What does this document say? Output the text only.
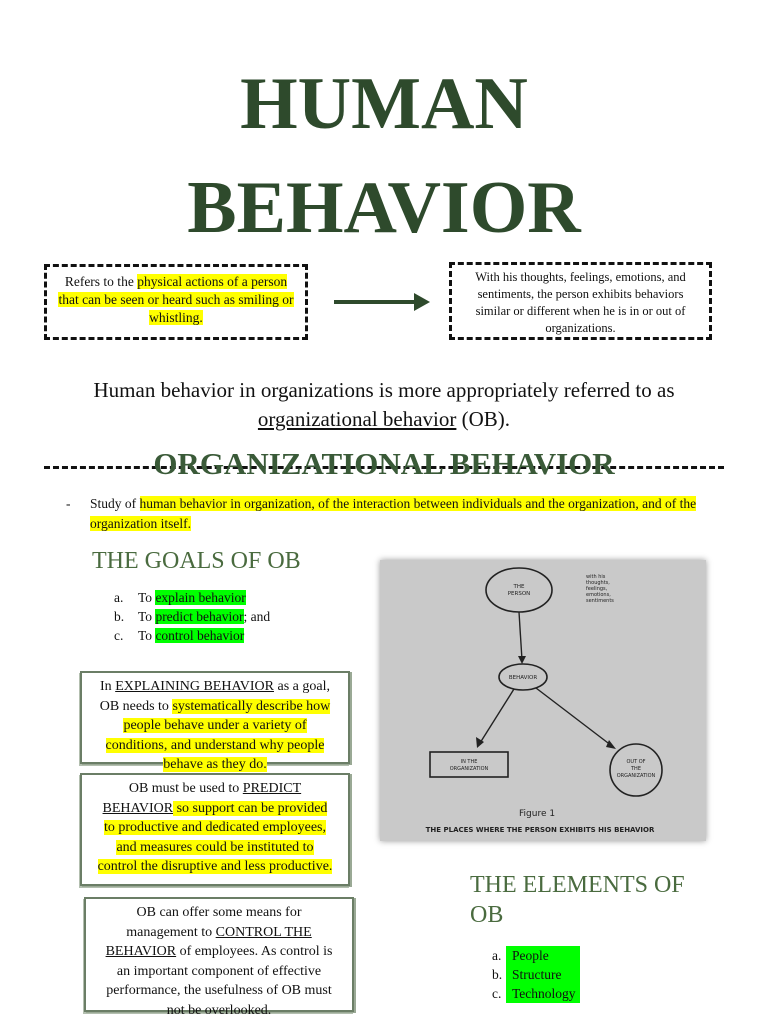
HUMAN
BEHAVIOR
Refers to the physical actions of a person that can be seen or heard such as smiling or whistling.
With his thoughts, feelings, emotions, and sentiments, the person exhibits behaviors similar or different when he is in or out of organizations.
Human behavior in organizations is more appropriately referred to as
organizational behavior (OB).
ORGANIZATIONAL BEHAVIOR
-	Study of human behavior in organization, of the interaction between individuals and the organization, and of the organization itself.
THE GOALS OF OB
a.	To explain behavior
b.	To predict behavior; and
c.	To control behavior
In EXPLAINING BEHAVIOR as a goal, OB needs to systematically describe how people behave under a variety of conditions, and understand why people behave as they do.
OB must be used to PREDICT BEHAVIOR so support can be provided to productive and dedicated employees, and measures could be instituted to control the disruptive and less productive.
OB can offer some means for management to CONTROL THE BEHAVIOR of employees. As control is an important component of effective performance, the usefulness of OB must not be overlooked.
THE
PERSON
with his
thoughts,
feelings,
emotions,
sentiments
BEHAVIOR
IN THE
ORGANIZATION
OUT OF
THE
ORGANIZATION
Figure 1
THE PLACES WHERE THE PERSON EXHIBITS HIS BEHAVIOR
THE ELEMENTS OF OB
a. People
b. Structure
c. Technology
